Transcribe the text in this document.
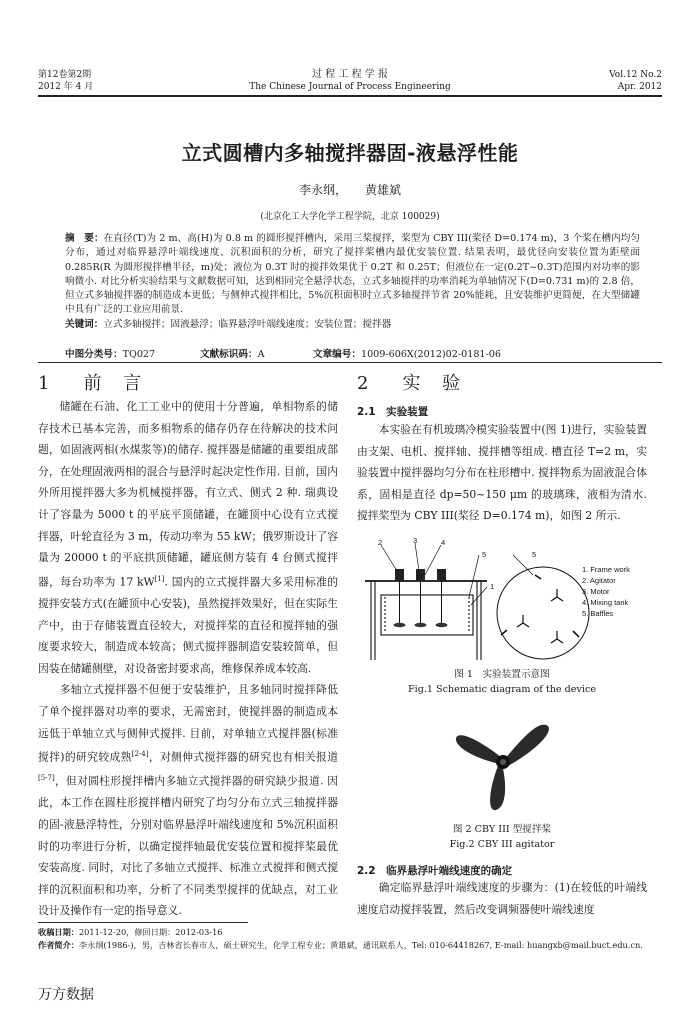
第12卷第2期
2012 年 4 月
过 程 工 程 学 报
The Chinese Journal of Process Engineering
Vol.12 No.2
Apr. 2012
立式圆槽内多轴搅拌器固-液悬浮性能
李永纲，　　黄雄斌
(北京化工大学化学工程学院，北京 100029)
摘　要：在直径(T)为 2 m、高(H)为 0.8 m 的圆形搅拌槽内，采用三桨搅拌，桨型为 CBY III(桨径 D=0.174 m)，3 个桨在槽内均匀分布，通过对临界悬浮叶端线速度、沉积面积的分析，研究了搅拌桨槽内最优安装位置. 结果表明，最优径向安装位置为距壁面 0.285R(R 为圆形搅拌槽半径，m)处；液位为 0.3T 时的搅拌效果优于 0.2T 和 0.25T；但液位在一定(0.2T~0.3T)范围内对功率的影响微小. 对比分析实验结果与文献数据可知，达到相同完全悬浮状态，立式多轴搅拌的功率消耗为单轴情况下(D=0.731 m)的 2.8 倍，但立式多轴搅拌器的制造成本更低；与侧伸式搅拌相比，5%沉积面积时立式多轴搅拌节省 20%能耗，且安装维护更简便，在大型储罐中具有广泛的工业应用前景.
关键词：立式多轴搅拌；固液悬浮；临界悬浮叶端线速度；安装位置；搅拌器
中图分类号：TQ027	文献标识码：A	文章编号：1009-606X(2012)02-0181-06
1　前 言

储罐在石油、化工工业中的使用十分普遍，单相物系的储存技术已基本完善，而多相物系的储存仍存在待解决的技术问题，如固液两相(水煤浆等)的储存. 搅拌器是储罐的重要组成部分，在处理固液两相的混合与悬浮时起决定性作用. 目前，国内外所用搅拌器大多为机械搅拌器，有立式、侧式 2 种. 瑞典设计了容量为 5000 t 的平底平顶储罐，在罐顶中心设有立式搅拌器，叶轮直径为 3 m，传动功率为 55 kW；俄罗斯设计了容量为 20000 t 的平底拱顶储罐，罐底侧方装有 4 台侧式搅拌器，每台功率为 17 kW[1]. 国内的立式搅拌器大多采用标准的搅拌安装方式(在罐顶中心安装)，虽然搅拌效果好，但在实际生产中，由于存储装置直径较大，对搅拌桨的直径和搅拌轴的强度要求较大，制造成本较高；侧式搅拌器制造安装较简单，但因装在储罐侧壁，对设备密封要求高，维修保养成本较高.

多轴立式搅拌器不但便于安装维护，且多轴同时搅拌降低了单个搅拌器对功率的要求，无需密封，使搅拌器的制造成本远低于单轴立式与侧伸式搅拌. 目前，对单轴立式搅拌器(标准搅拌)的研究较成熟[2-4]，对侧伸式搅拌器的研究也有相关报道[5-7]，但对圆柱形搅拌槽内多轴立式搅拌器的研究缺少报道. 因此，本工作在圆柱形搅拌槽内研究了均匀分布立式三轴搅拌器的固-液悬浮特性，分别对临界悬浮叶端线速度和 5%沉积面积时的功率进行分析，以确定搅拌轴最优安装位置和搅拌桨最优安装高度. 同时，对比了多轴立式搅拌、标准立式搅拌和侧式搅拌的沉积面积和功率，分析了不同类型搅拌的优缺点，对工业设计及操作有一定的指导意义.

2　实 验
2.1　实验装置

本实验在有机玻璃冷模实验装置中(图 1)进行，实验装置由支架、电机、搅拌轴、搅拌槽等组成. 槽直径 T=2 m，实验装置中搅拌器均匀分布在柱形槽中. 搅拌物系为固液混合体系，固相是直径 dp=50~150 μm 的玻璃珠，液相为清水. 搅拌桨型为 CBY III(桨径 D=0.174 m)，如图 2 所示.

2	3	4
5
1
5
1. Frame work
2. Agitator
3. Motor
4. Mixing tank
5. Baffles
图 1　实验装置示意图
Fig.1 Schematic diagram of the device
图 2 CBY III 型搅拌桨
Fig.2 CBY III agitator
2.2　临界悬浮叶端线速度的确定

确定临界悬浮叶端线速度的步骤为：(1)在较低的叶端线速度启动搅拌装置，然后改变调频器使叶端线速度

收稿日期：2011-12-20，修回日期：2012-03-16
作者简介：李永纲(1986-)，男，吉林省长春市人，硕士研究生，化学工程专业；黄雄斌，通讯联系人，Tel: 010-64418267, E-mail: huangxb@mail.buct.edu.cn.
万方数据
